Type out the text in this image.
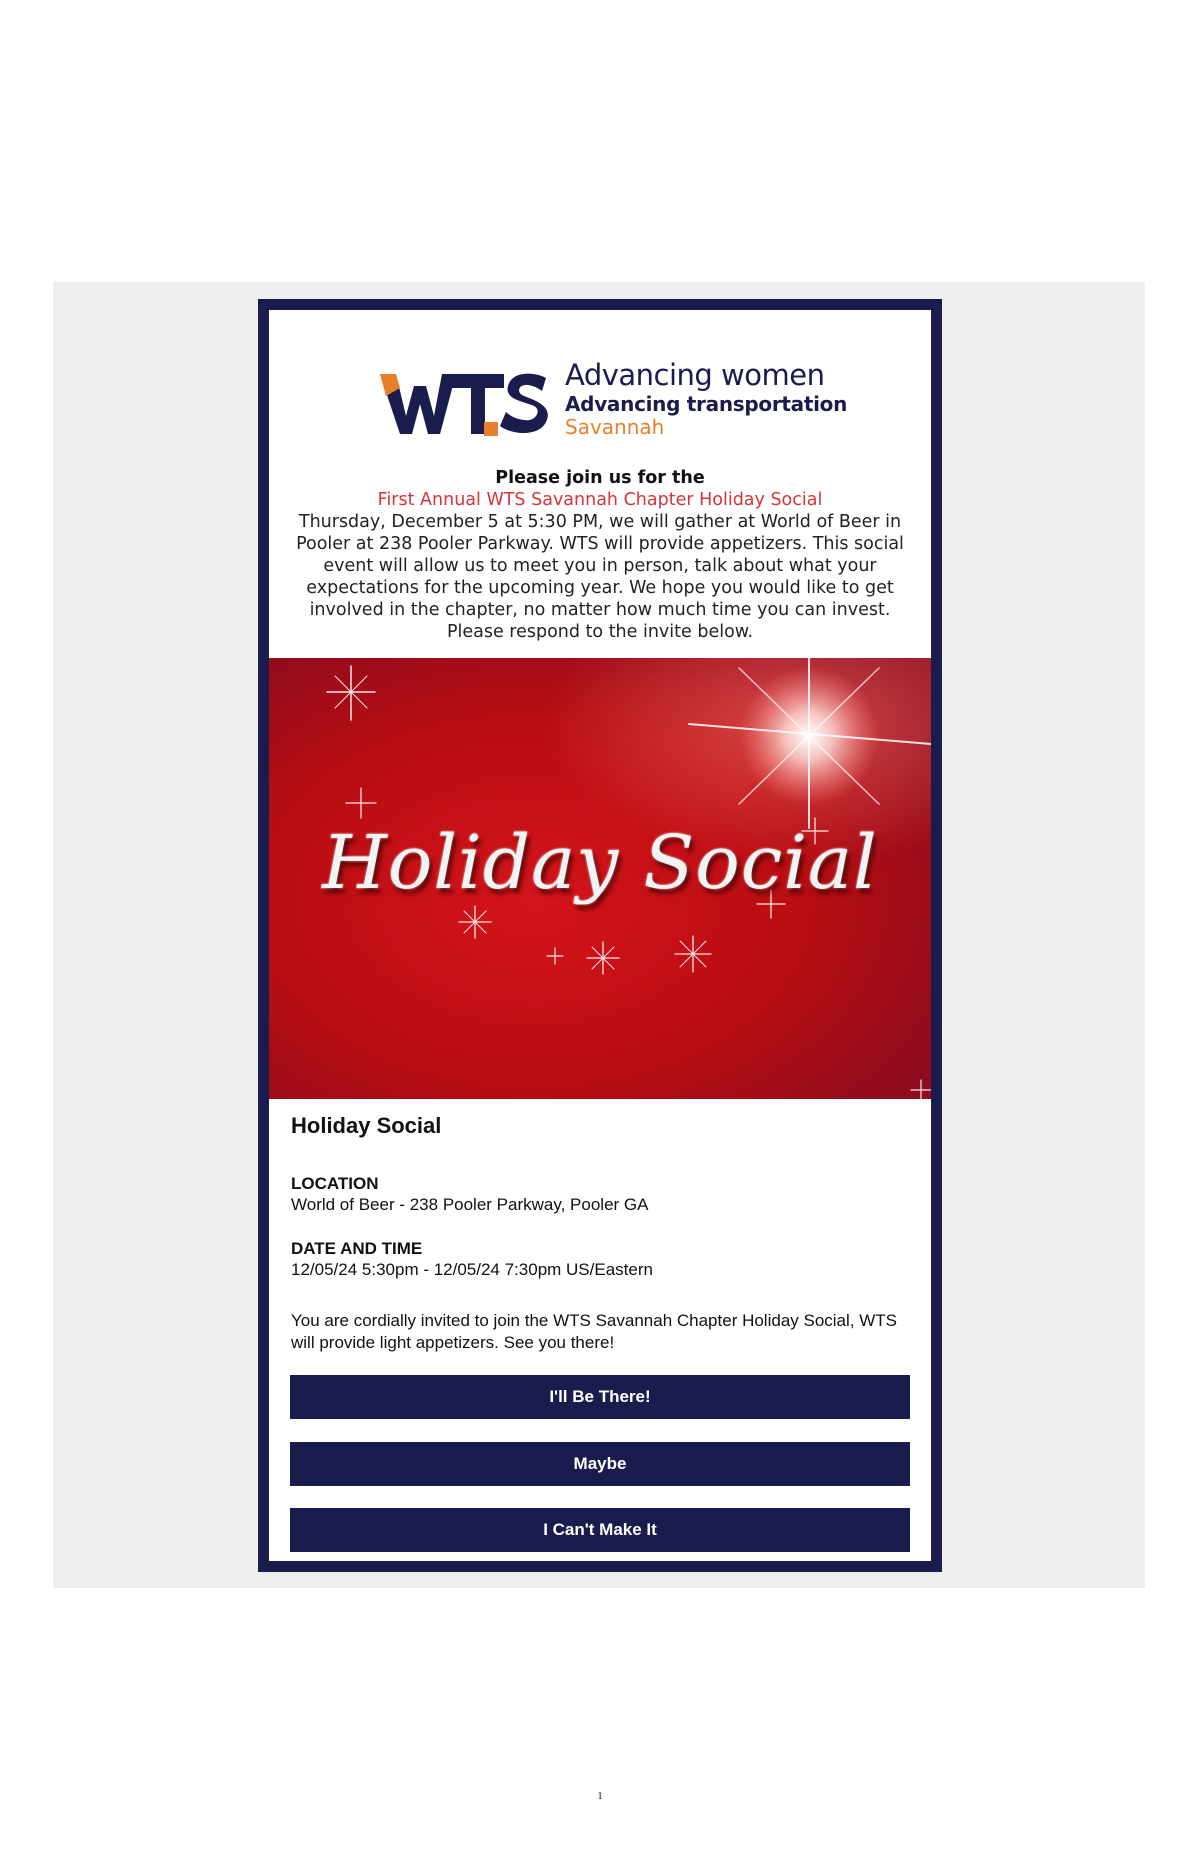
Advancing women
Advancing transportation
Savannah
Please join us for the
First Annual WTS Savannah Chapter Holiday Social
Thursday, December 5 at 5:30 PM, we will gather at World of Beer in Pooler at 238 Pooler Parkway. WTS will provide appetizers. This social event will allow us to meet you in person, talk about what your expectations for the upcoming year. We hope you would like to get involved in the chapter, no matter how much time you can invest. Please respond to the invite below.
Holiday Social
Holiday Social
LOCATION
World of Beer - 238 Pooler Parkway, Pooler GA
DATE AND TIME
12/05/24 5:30pm - 12/05/24 7:30pm US/Eastern
You are cordially invited to join the WTS Savannah Chapter Holiday Social, WTS will provide light appetizers. See you there!
I'll Be There!
Maybe
I Can't Make It
1
